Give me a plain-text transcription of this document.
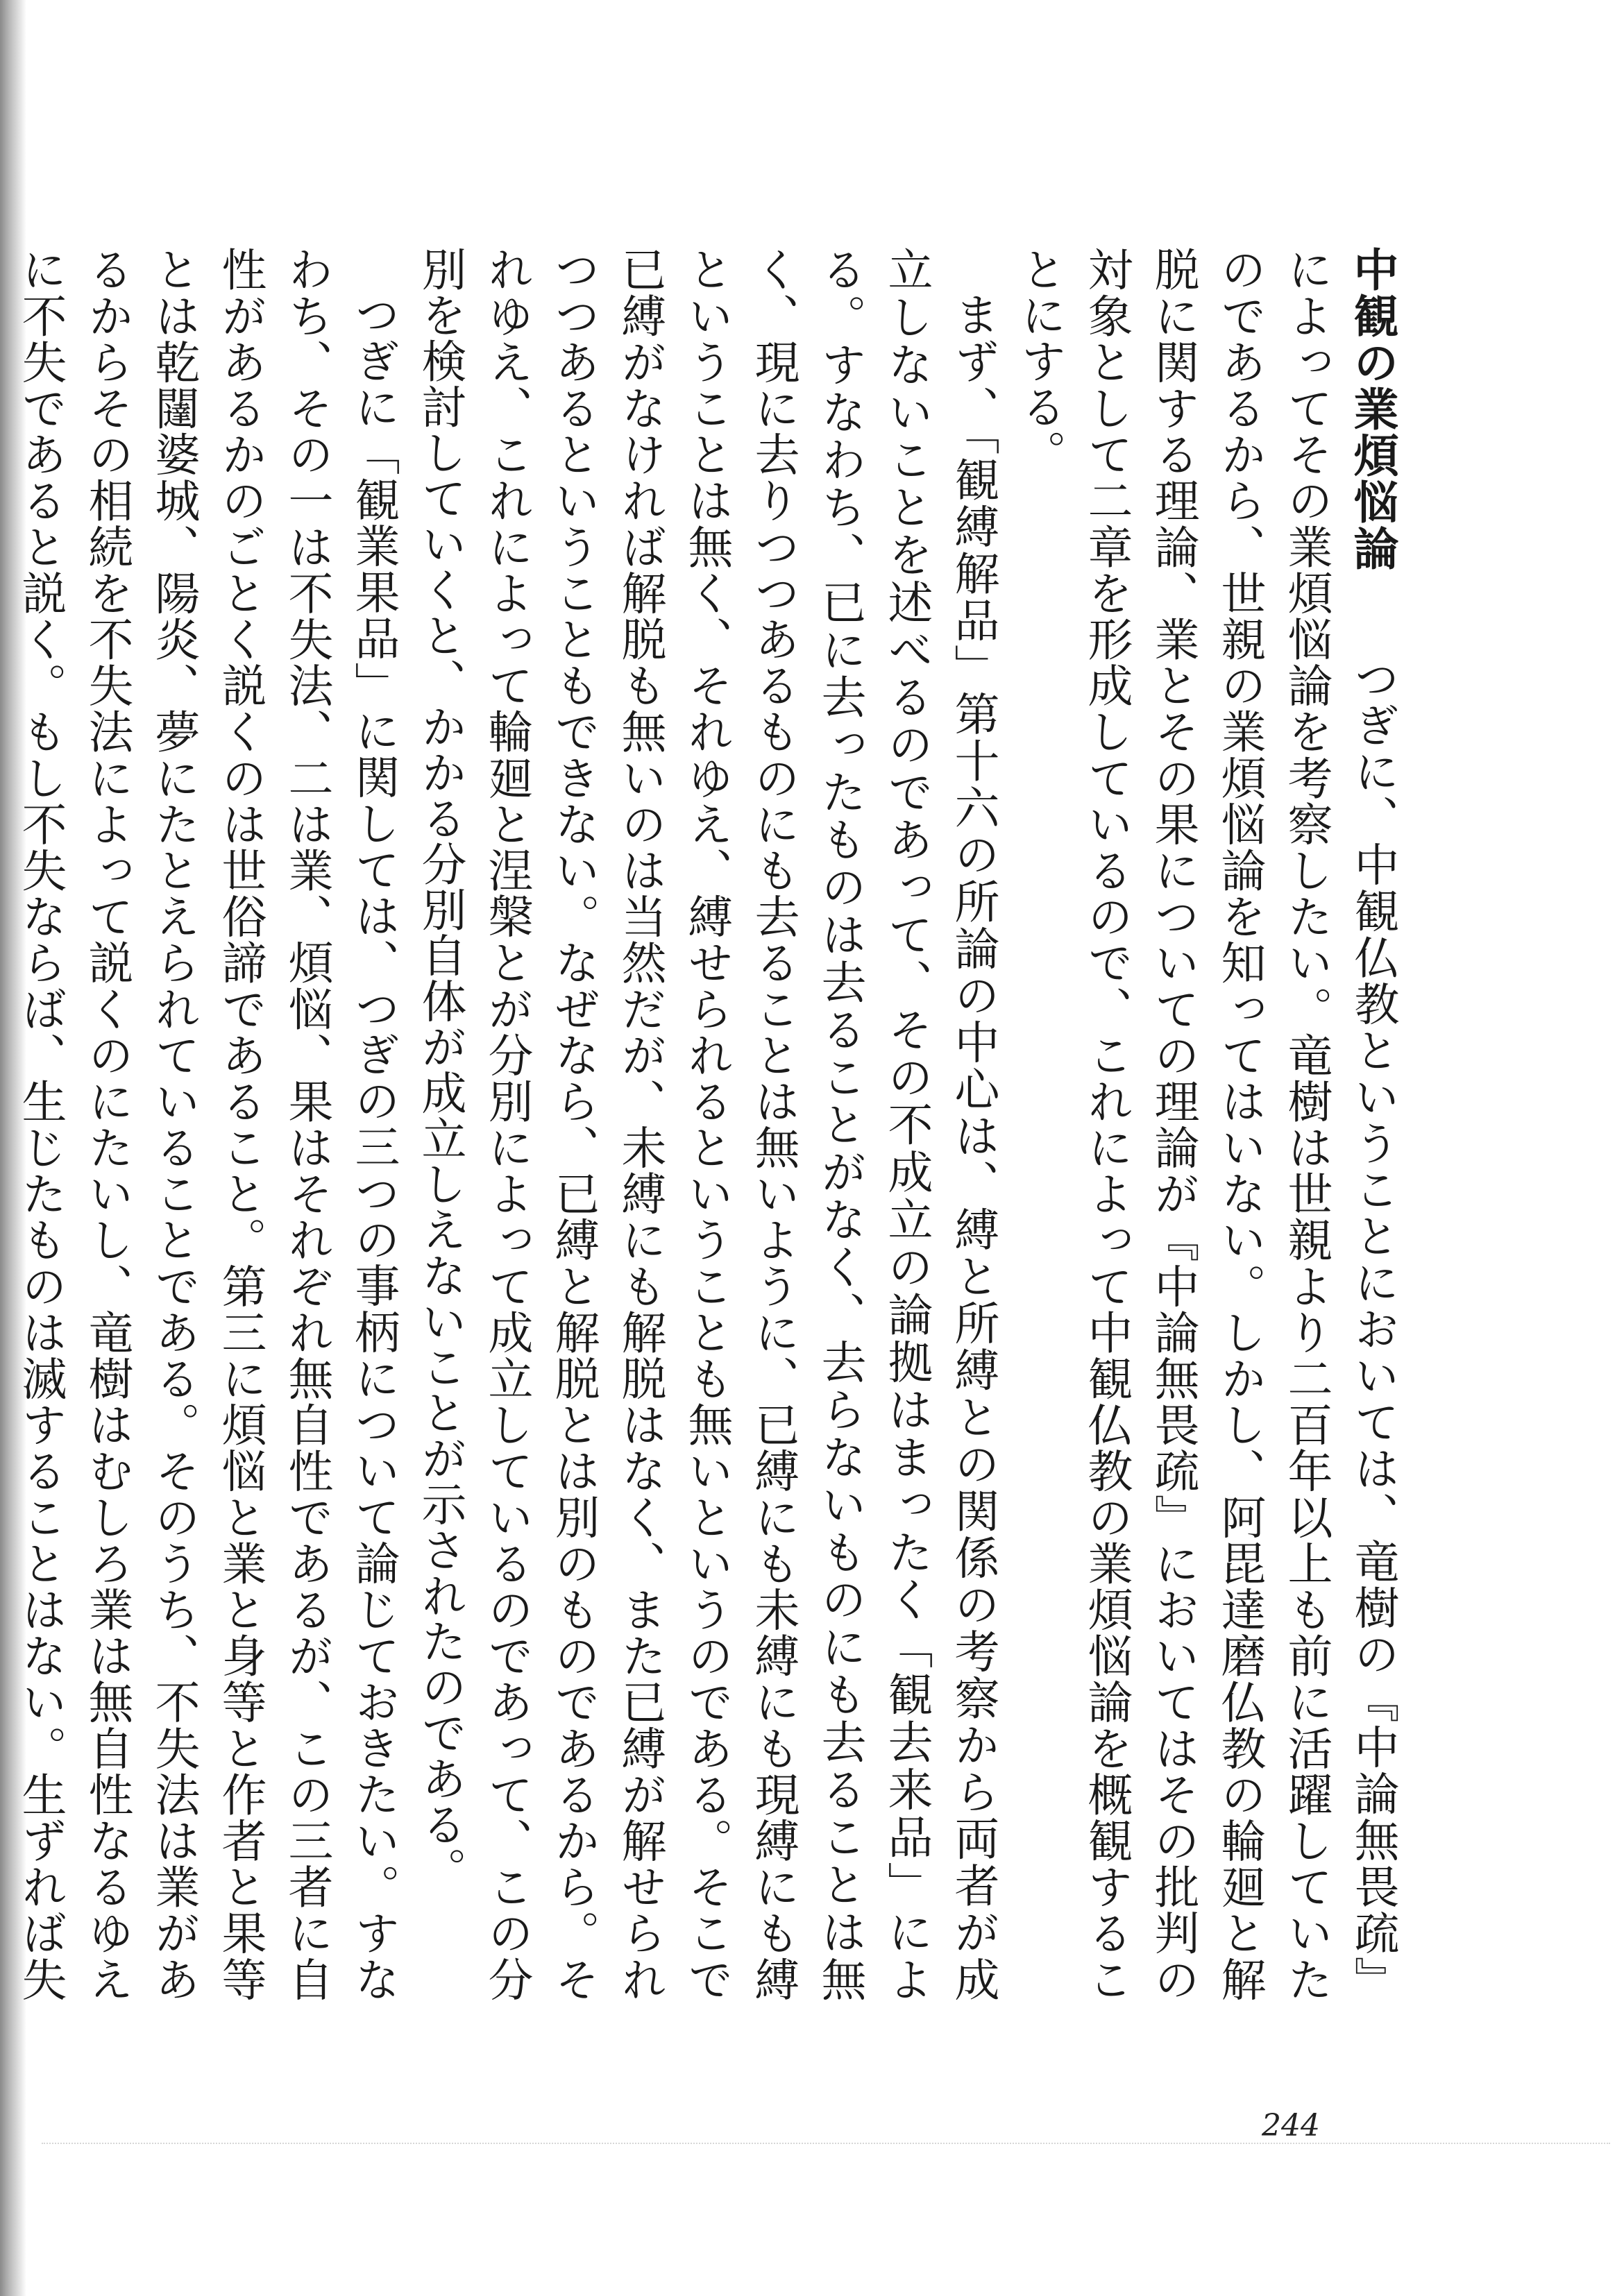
中観の業煩悩論つぎに、中観仏教ということにおいては、竜樹の『中論無畏疏』によってその業煩悩論を考察したい。竜樹は世親より二百年以上も前に活躍していたのであるから、世親の業煩悩論を知ってはいない。しかし、阿毘達磨仏教の輪廻と解脱に関する理論、業とその果についての理論が『中論無畏疏』においてはその批判の対象として二章を形成しているので、これによって中観仏教の業煩悩論を概観することにする。

まず、「観縛解品」第十六の所論の中心は、縛と所縛との関係の考察から両者が成立しないことを述べるのであって、その不成立の論拠はまったく「観去来品」による。すなわち、已に去ったものは去ることがなく、去らないものにも去ることは無く、現に去りつつあるものにも去ることは無いように、已縛にも未縛にも現縛にも縛ということは無く、それゆえ、縛せられるということも無いというのである。そこで已縛がなければ解脱も無いのは当然だが、未縛にも解脱はなく、また已縛が解せられつつあるということもできない。なぜなら、已縛と解脱とは別のものであるから。それゆえ、これによって輪廻と涅槃とが分別によって成立しているのであって、この分別を検討していくと、かかる分別自体が成立しえないことが示されたのである。

つぎに「観業果品」に関しては、つぎの三つの事柄について論じておきたい。すなわち、その一は不失法、二は業、煩悩、果はそれぞれ無自性であるが、この三者に自性があるかのごとく説くのは世俗諦であること。第三に煩悩と業と身等と作者と果等とは乾闥婆城、陽炎、夢にたとえられていることである。そのうち、不失法は業があるからその相続を不失法によって説くのにたいし、竜樹はむしろ業は無自性なるゆえに不失であると説く。もし不失ならば、生じたものは滅することはない。生ずれば失

244
